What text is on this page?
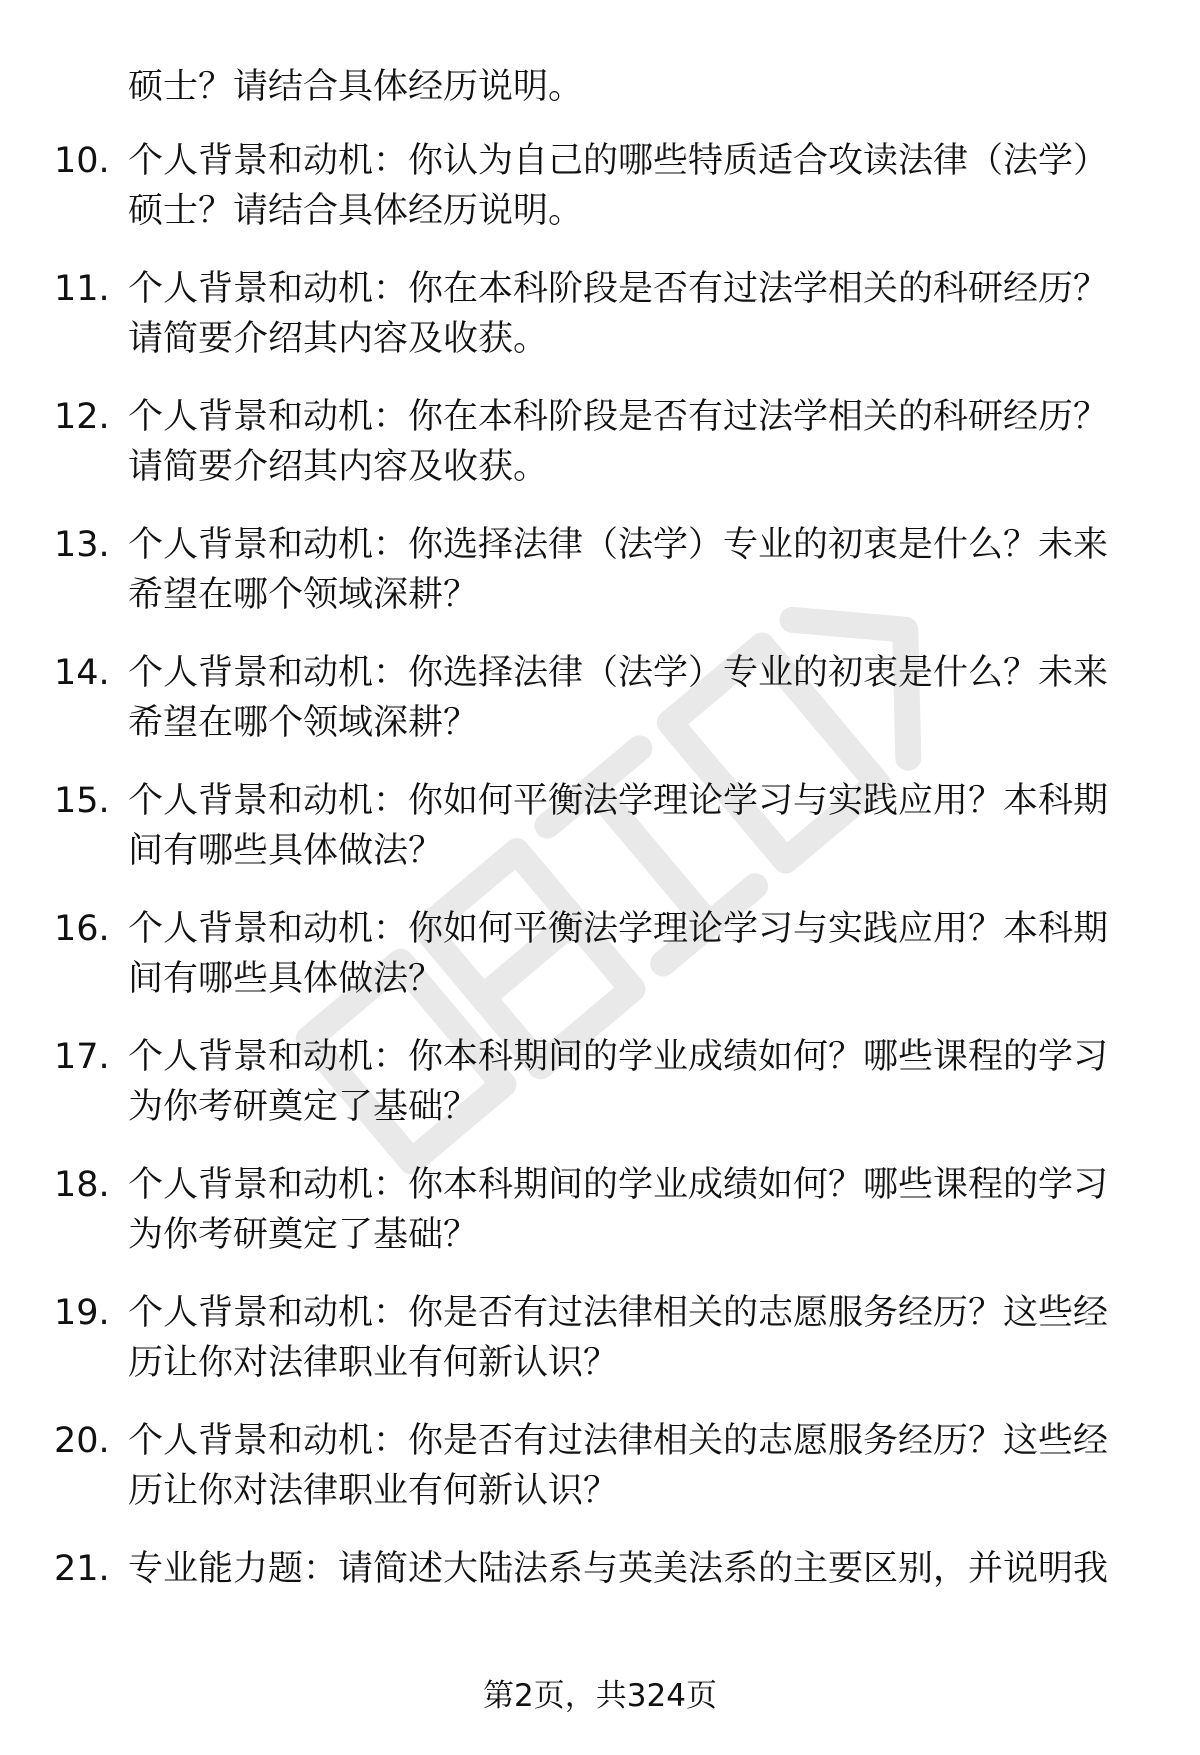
硕士？请结合具体经历说明。
10. 个人背景和动机：你认为自己的哪些特质适合攻读法律（法学）
硕士？请结合具体经历说明。
11. 个人背景和动机：你在本科阶段是否有过法学相关的科研经历？
请简要介绍其内容及收获。
12. 个人背景和动机：你在本科阶段是否有过法学相关的科研经历？
请简要介绍其内容及收获。
13. 个人背景和动机：你选择法律（法学）专业的初衷是什么？未来
希望在哪个领域深耕？
14. 个人背景和动机：你选择法律（法学）专业的初衷是什么？未来
希望在哪个领域深耕？
15. 个人背景和动机：你如何平衡法学理论学习与实践应用？本科期
间有哪些具体做法？
16. 个人背景和动机：你如何平衡法学理论学习与实践应用？本科期
间有哪些具体做法？
17. 个人背景和动机：你本科期间的学业成绩如何？哪些课程的学习
为你考研奠定了基础？
18. 个人背景和动机：你本科期间的学业成绩如何？哪些课程的学习
为你考研奠定了基础？
19. 个人背景和动机：你是否有过法律相关的志愿服务经历？这些经
历让你对法律职业有何新认识？
20. 个人背景和动机：你是否有过法律相关的志愿服务经历？这些经
历让你对法律职业有何新认识？
21. 专业能力题：请简述大陆法系与英美法系的主要区别，并说明我
第2页，共324页
